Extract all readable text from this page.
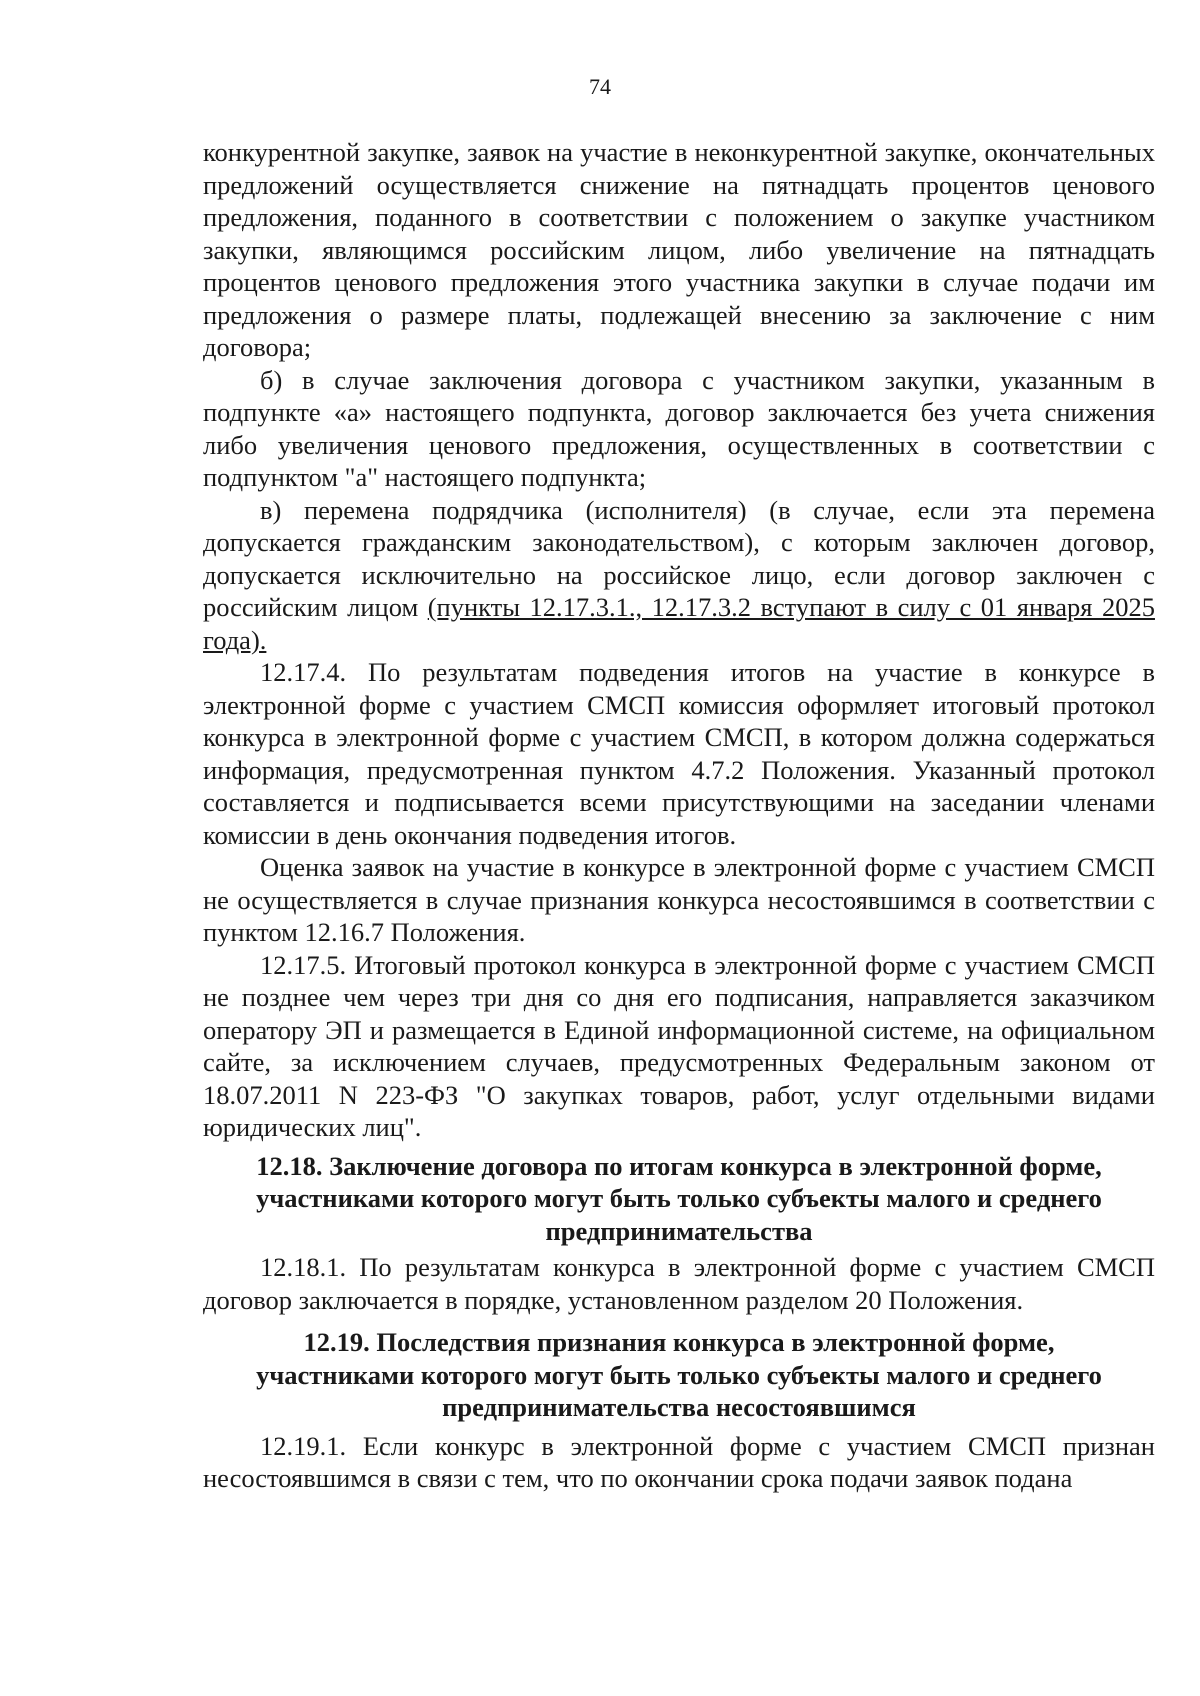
74

конкурентной закупке, заявок на участие в неконкурентной закупке, окончательных предложений осуществляется снижение на пятнадцать процентов ценового предложения, поданного в соответствии с положением о закупке участником закупки, являющимся российским лицом, либо увеличение на пятнадцать процентов ценового предложения этого участника закупки в случае подачи им предложения о размере платы, подлежащей внесению за заключение с ним договора;

б) в случае заключения договора с участником закупки, указанным в подпункте «а» настоящего подпункта, договор заключается без учета снижения либо увеличения ценового предложения, осуществленных в соответствии с подпунктом "а" настоящего подпункта;

в) перемена подрядчика (исполнителя) (в случае, если эта перемена допускается гражданским законодательством), с которым заключен договор, допускается исключительно на российское лицо, если договор заключен с российским лицом (пункты 12.17.3.1., 12.17.3.2 вступают в силу с 01 января 2025 года).

12.17.4. По результатам подведения итогов на участие в конкурсе в электронной форме с участием СМСП комиссия оформляет итоговый протокол конкурса в электронной форме с участием СМСП, в котором должна содержаться информация, предусмотренная пунктом 4.7.2 Положения. Указанный протокол составляется и подписывается всеми присутствующими на заседании членами комиссии в день окончания подведения итогов.

Оценка заявок на участие в конкурсе в электронной форме с участием СМСП не осуществляется в случае признания конкурса несостоявшимся в соответствии с пунктом 12.16.7 Положения.

12.17.5. Итоговый протокол конкурса в электронной форме с участием СМСП не позднее чем через три дня со дня его подписания, направляется заказчиком оператору ЭП и размещается в Единой информационной системе, на официальном сайте, за исключением случаев, предусмотренных Федеральным законом от 18.07.2011 N 223-ФЗ "О закупках товаров, работ, услуг отдельными видами юридических лиц".

12.18. Заключение договора по итогам конкурса в электронной форме,
участниками которого могут быть только субъекты малого и среднего
предпринимательства

12.18.1. По результатам конкурса в электронной форме с участием СМСП договор заключается в порядке, установленном разделом 20 Положения.

12.19. Последствия признания конкурса в электронной форме,
участниками которого могут быть только субъекты малого и среднего
предпринимательства несостоявшимся

12.19.1. Если конкурс в электронной форме с участием СМСП признан несостоявшимся в связи с тем, что по окончании срока подачи заявок подана
